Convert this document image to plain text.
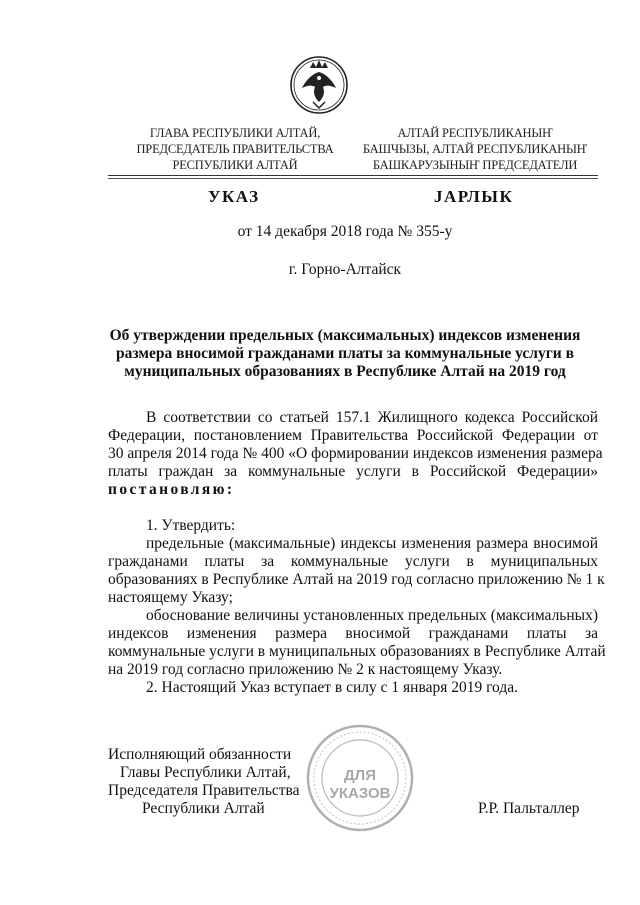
ГЛАВА РЕСПУБЛИКИ АЛТАЙ,
ПРЕДСЕДАТЕЛЬ ПРАВИТЕЛЬСТВА
РЕСПУБЛИКИ АЛТАЙ
АЛТАЙ РЕСПУБЛИКАНЫҤ
БАШЧЫЗЫ, АЛТАЙ РЕСПУБЛИКАНЫҤ
БАШКАРУЗЫНЫҤ ПРЕДСЕДАТЕЛИ
УКАЗ	JАРЛЫК
от 14 декабря 2018 года № 355-у
г. Горно-Алтайск
Об утверждении предельных (максимальных) индексов изменения
размера вносимой гражданами платы за коммунальные услуги в
муниципальных образованиях в Республике Алтай на 2019 год
В соответствии со статьей 157.1 Жилищного кодекса Российской
Федерации, постановлением Правительства Российской Федерации от
30 апреля 2014 года № 400 «О формировании индексов изменения размера
платы граждан за коммунальные услуги в Российской Федерации»
постановляю:
1. Утвердить:
предельные (максимальные) индексы изменения размера вносимой
гражданами платы за коммунальные услуги в муниципальных
образованиях в Республике Алтай на 2019 год согласно приложению № 1 к
настоящему Указу;
обоснование величины установленных предельных (максимальных)
индексов изменения размера вносимой гражданами платы за
коммунальные услуги в муниципальных образованиях в Республике Алтай
на 2019 год согласно приложению № 2 к настоящему Указу.
2. Настоящий Указ вступает в силу с 1 января 2019 года.
Исполняющий обязанности
Главы Республики Алтай,
Председателя Правительства
Республики Алтай
ДЛЯ
УКАЗОВ
Р.Р. Пальталлер
